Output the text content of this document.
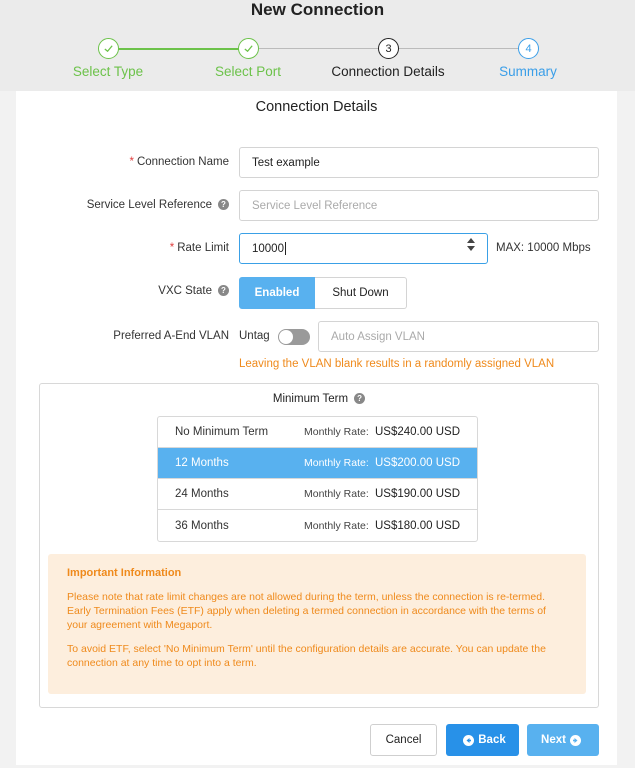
New Connection
3	4
Select Type	Select Port	Connection Details	Summary
Connection Details
* Connection Name	Test example
Service Level Reference ?	Service Level Reference
* Rate Limit 10000	MAX: 10000 Mbps
VXC State ?	Enabled	Shut Down
Preferred A-End VLAN Untag	Auto Assign VLAN
Leaving the VLAN blank results in a randomly assigned VLAN
Minimum Term ?
No Minimum Term	Monthly Rate: US$240.00 USD
12 Months	Monthly Rate: US$200.00 USD
24 Months	Monthly Rate: US$190.00 USD
36 Months	Monthly Rate: US$180.00 USD
Important Information
Please note that rate limit changes are not allowed during the term, unless the connection is re-termed. Early Termination Fees (ETF) apply when deleting a termed connection in accordance with the terms of your agreement with Megaport.
To avoid ETF, select 'No Minimum Term' until the configuration details are accurate. You can update the connection at any time to opt into a term.
Cancel	Back	Next
